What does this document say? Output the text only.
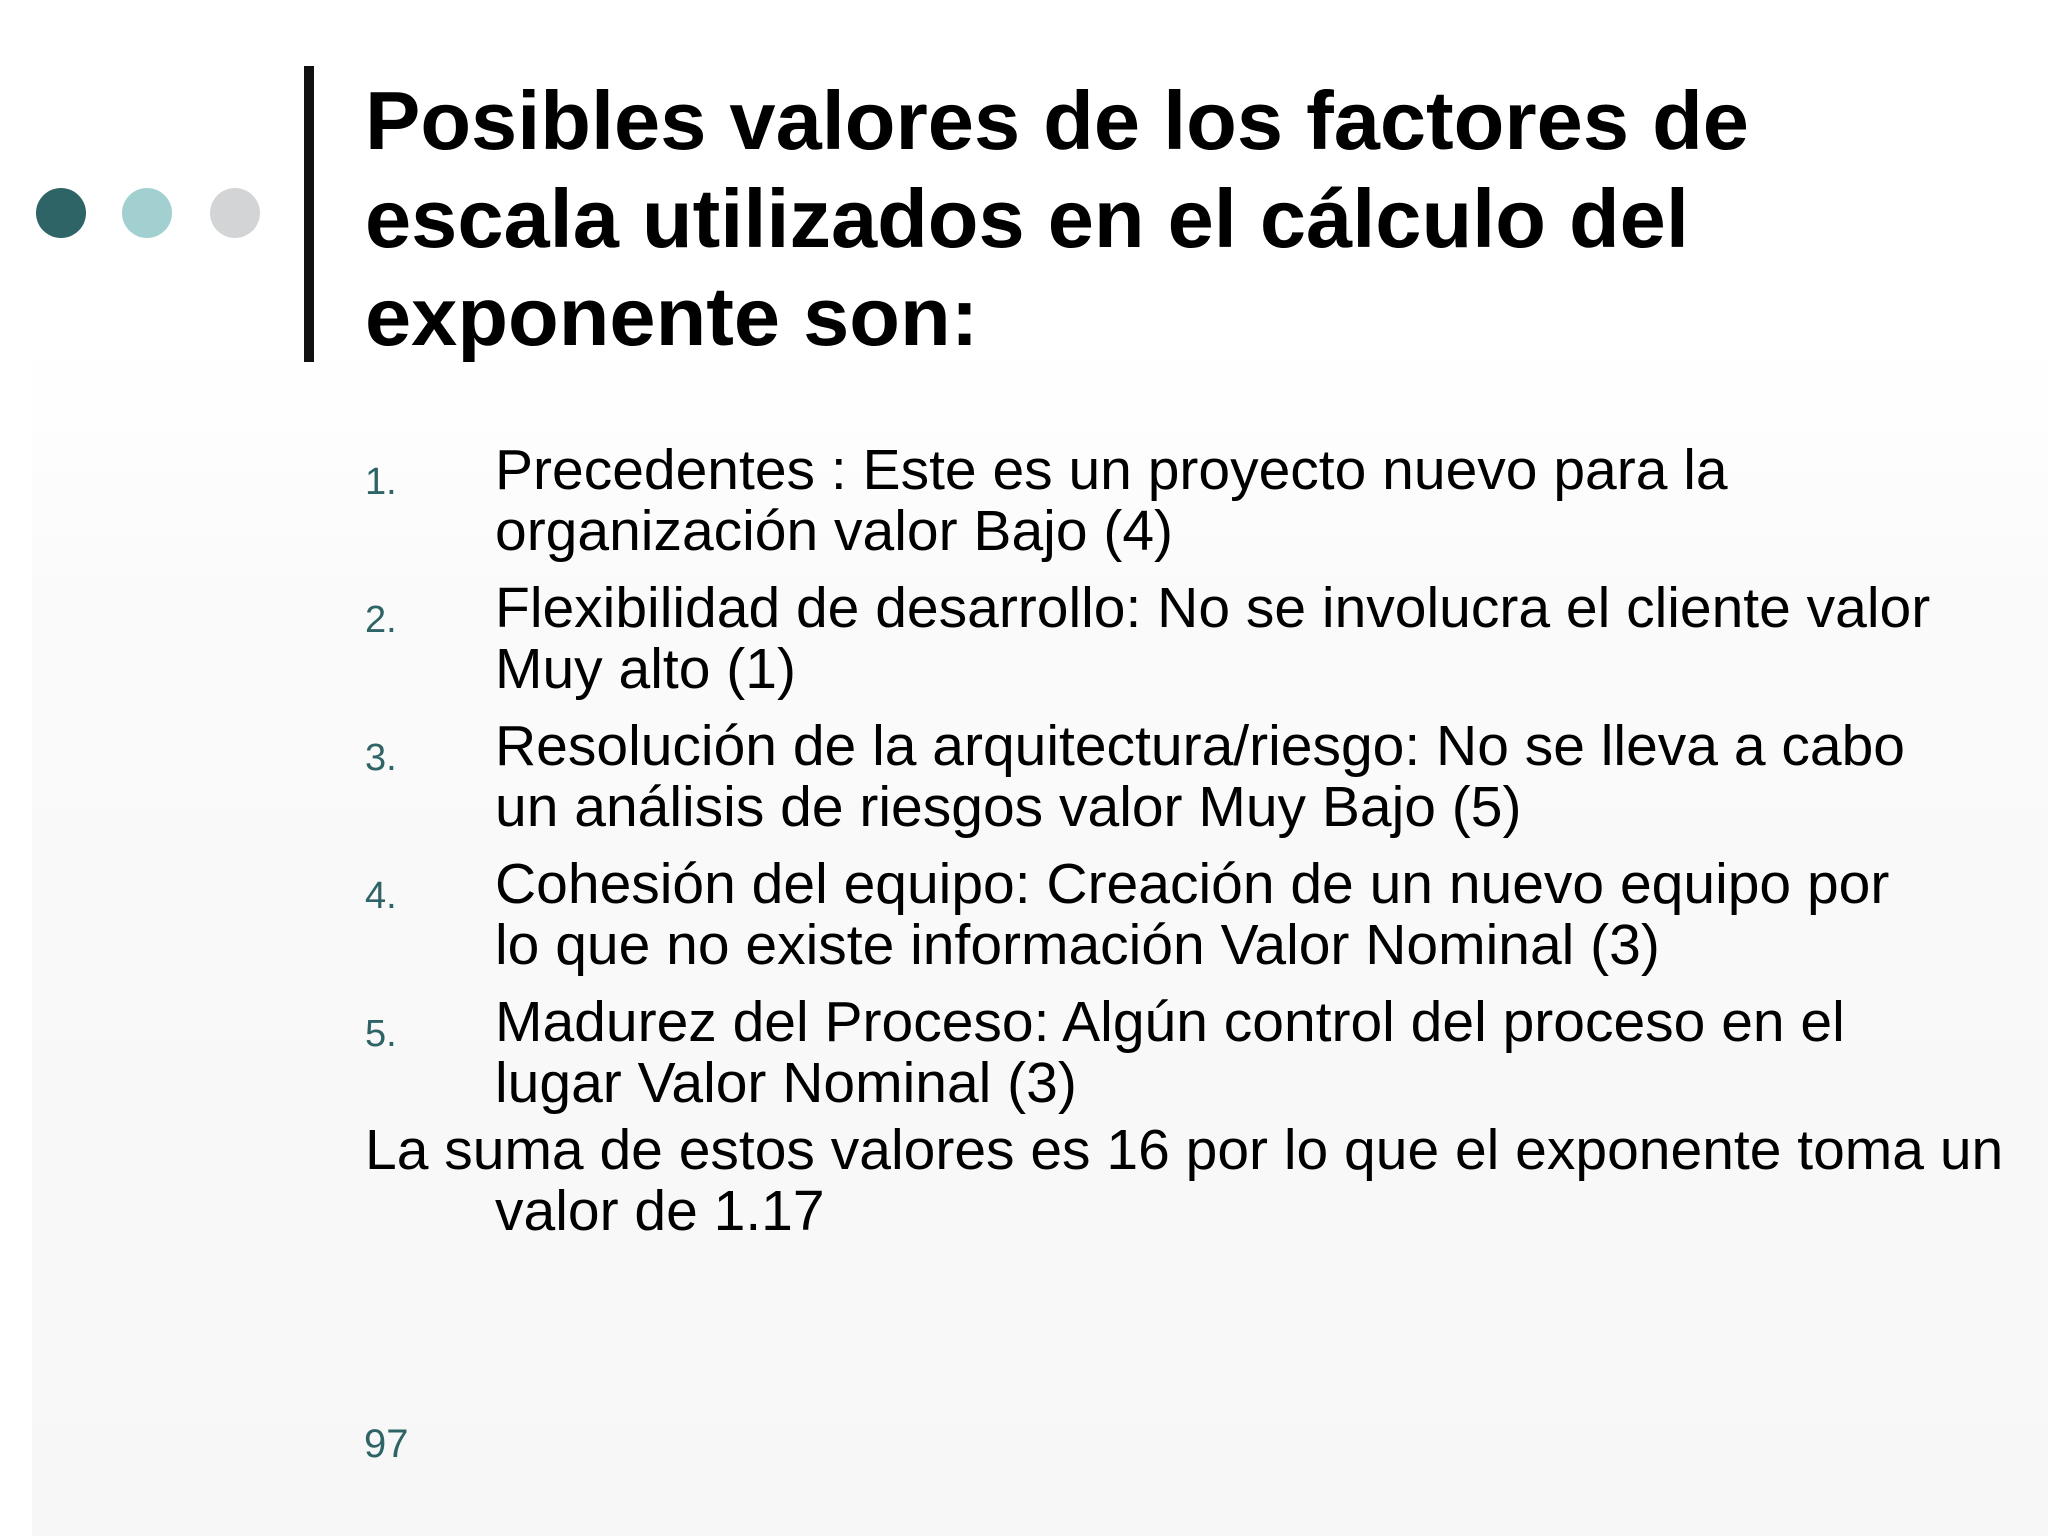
Posibles valores de los factores de escala utilizados en el cálculo del exponente son:
1. Precedentes : Este es un proyecto nuevo para la organización valor Bajo (4)
2. Flexibilidad de desarrollo: No se involucra el cliente valor Muy alto (1)
3. Resolución de la arquitectura/riesgo: No se lleva a cabo un análisis de riesgos valor Muy Bajo (5)
4. Cohesión del equipo: Creación de un nuevo equipo por lo que no existe información Valor Nominal (3)
5. Madurez del Proceso: Algún control del proceso en el lugar Valor Nominal (3)

La suma de estos valores es 16 por lo que el exponente toma un valor de 1.17

97
